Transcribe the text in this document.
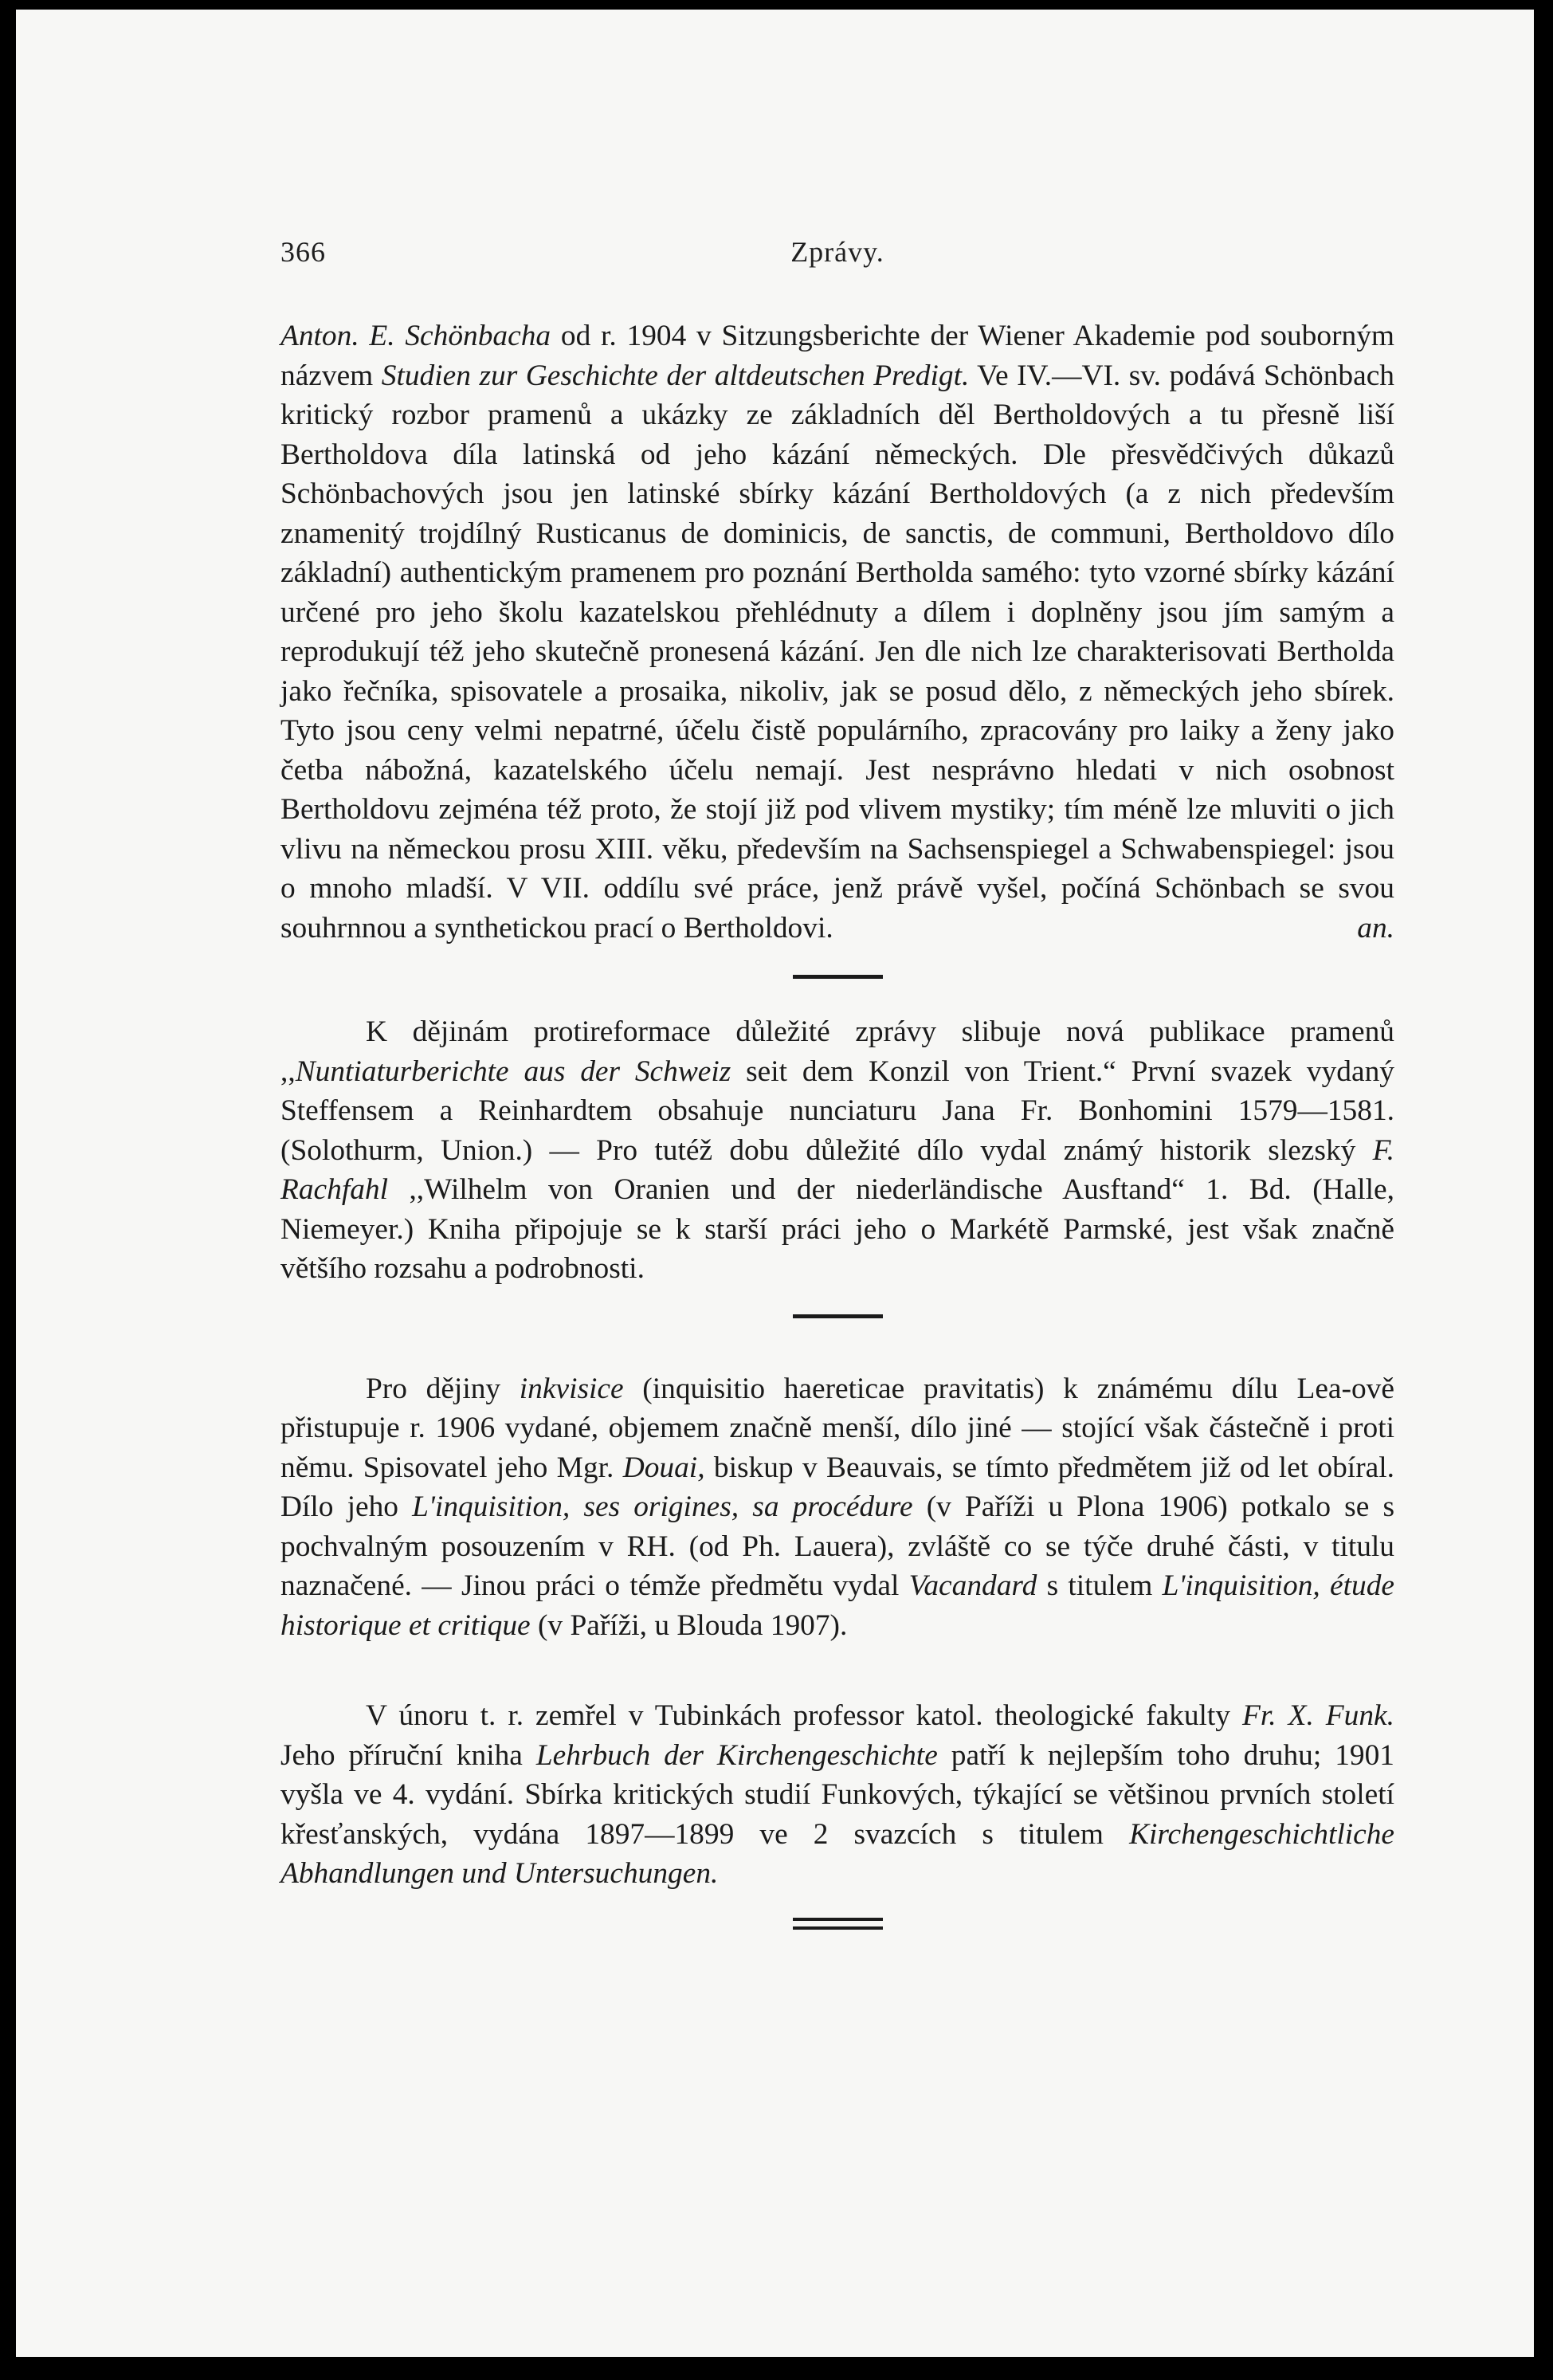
366	Zprávy.

Anton. E. Schönbacha od r. 1904 v Sitzungsberichte der Wiener Akademie pod souborným názvem Studien zur Geschichte der altdeutschen Predigt. Ve IV.—VI. sv. podává Schönbach kritický rozbor pramenů a ukázky ze základních děl Bertholdových a tu přesně liší Bertholdova díla latinská od jeho kázání německých. Dle přesvědčivých důkazů Schönbachových jsou jen latinské sbírky kázání Bertholdových (a z nich především znamenitý trojdílný Rusticanus de dominicis, de sanctis, de communi, Bertholdovo dílo základní) authentickým pramenem pro poznání Bertholda samého: tyto vzorné sbírky kázání určené pro jeho školu kazatelskou přehlédnuty a dílem i doplněny jsou jím samým a reprodukují též jeho skutečně pronesená kázání. Jen dle nich lze charakterisovati Bertholda jako řečníka, spisovatele a prosaika, nikoliv, jak se posud dělo, z německých jeho sbírek. Tyto jsou ceny velmi nepatrné, účelu čistě populárního, zpracovány pro laiky a ženy jako četba nábožná, kazatelského účelu nemají. Jest nesprávno hledati v nich osobnost Bertholdovu zejména též proto, že stojí již pod vlivem mystiky; tím méně lze mluviti o jich vlivu na německou prosu XIII. věku, především na Sachsenspiegel a Schwabenspiegel: jsou o mnoho mladší. V VII. oddílu své práce, jenž právě vyšel, počíná Schönbach se svou souhrnnou a synthetickou prací o Bertholdovi.	an.

K dějinám protireformace důležité zprávy slibuje nová publikace pramenů ,,Nuntiaturberichte aus der Schweiz seit dem Konzil von Trient.“ První svazek vydaný Steffensem a Reinhardtem obsahuje nunciaturu Jana Fr. Bonhomini 1579—1581. (Solothurm, Union.) — Pro tutéž dobu důležité dílo vydal známý historik slezský F. Rachfahl ,,Wilhelm von Oranien und der niederländische Ausftand“ 1. Bd. (Halle, Niemeyer.) Kniha připojuje se k starší práci jeho o Markétě Parmské, jest však značně většího rozsahu a podrobnosti.

Pro dějiny inkvisice (inquisitio haereticae pravitatis) k známému dílu Lea-ově přistupuje r. 1906 vydané, objemem značně menší, dílo jiné — stojící však částečně i proti němu. Spisovatel jeho Mgr. Douai, biskup v Beauvais, se tímto předmětem již od let obíral. Dílo jeho L'inquisition, ses origines, sa procédure (v Paříži u Plona 1906) potkalo se s pochvalným posouzením v RH. (od Ph. Lauera), zvláště co se týče druhé části, v titulu naznačené. — Jinou práci o témže předmětu vydal Vacandard s titulem L'inquisition, étude historique et critique (v Paříži, u Blouda 1907).

V únoru t. r. zemřel v Tubinkách professor katol. theologické fakulty Fr. X. Funk. Jeho příruční kniha Lehrbuch der Kirchengeschichte patří k nejlepším toho druhu; 1901 vyšla ve 4. vydání. Sbírka kritických studií Funkových, týkající se většinou prvních století křesťanských, vydána 1897—1899 ve 2 svazcích s titulem Kirchengeschichtliche Abhandlungen und Untersuchungen.
